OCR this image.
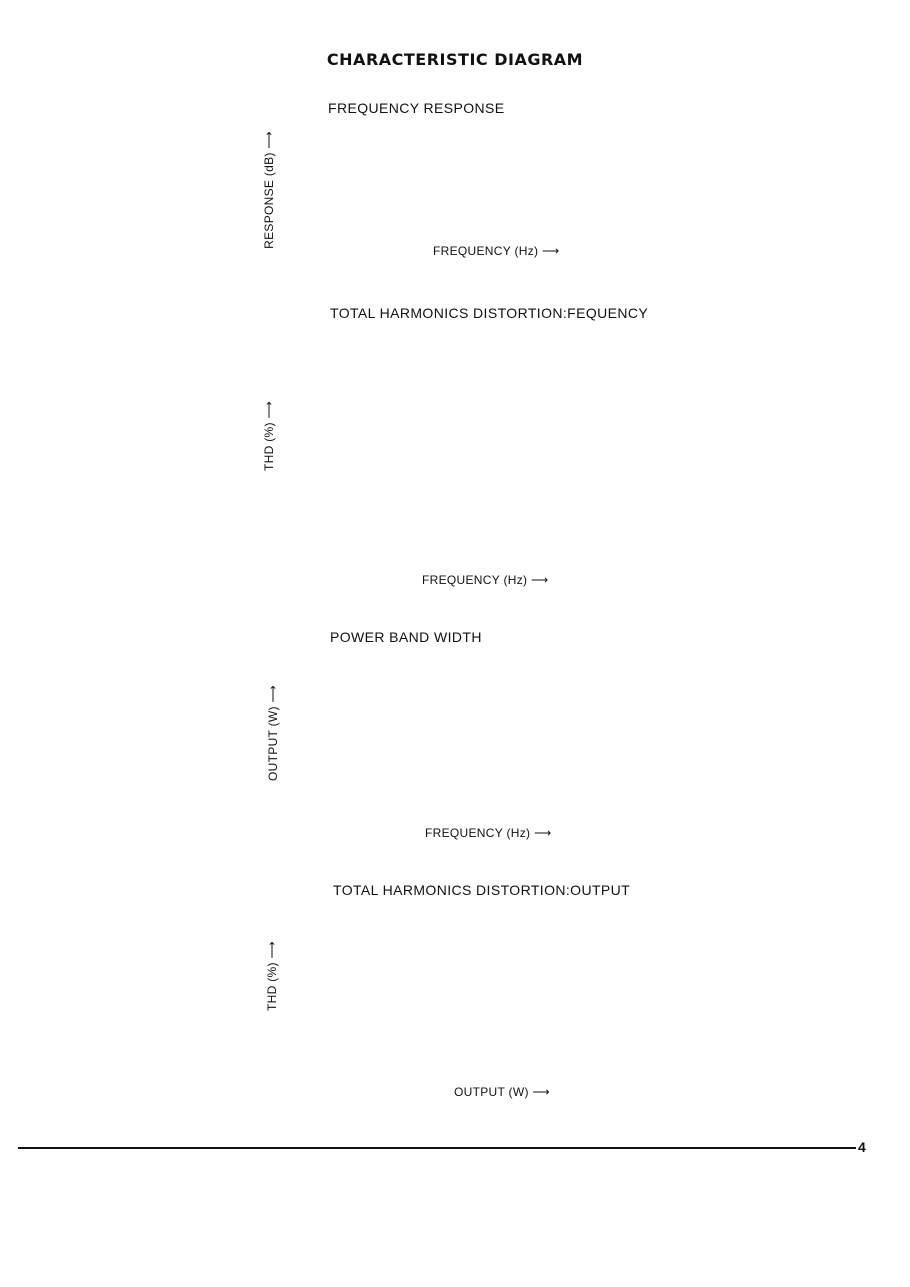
CHARACTERISTIC DIAGRAM
FREQUENCY RESPONSE
RESPONSE (dB) ⟶
FREQUENCY (Hz) ⟶
TOTAL HARMONICS DISTORTION:FEQUENCY
THD (%) ⟶
FREQUENCY (Hz) ⟶
POWER BAND WIDTH
OUTPUT (W) ⟶
FREQUENCY (Hz) ⟶
TOTAL HARMONICS DISTORTION:OUTPUT
THD (%) ⟶
OUTPUT (W) ⟶
4
